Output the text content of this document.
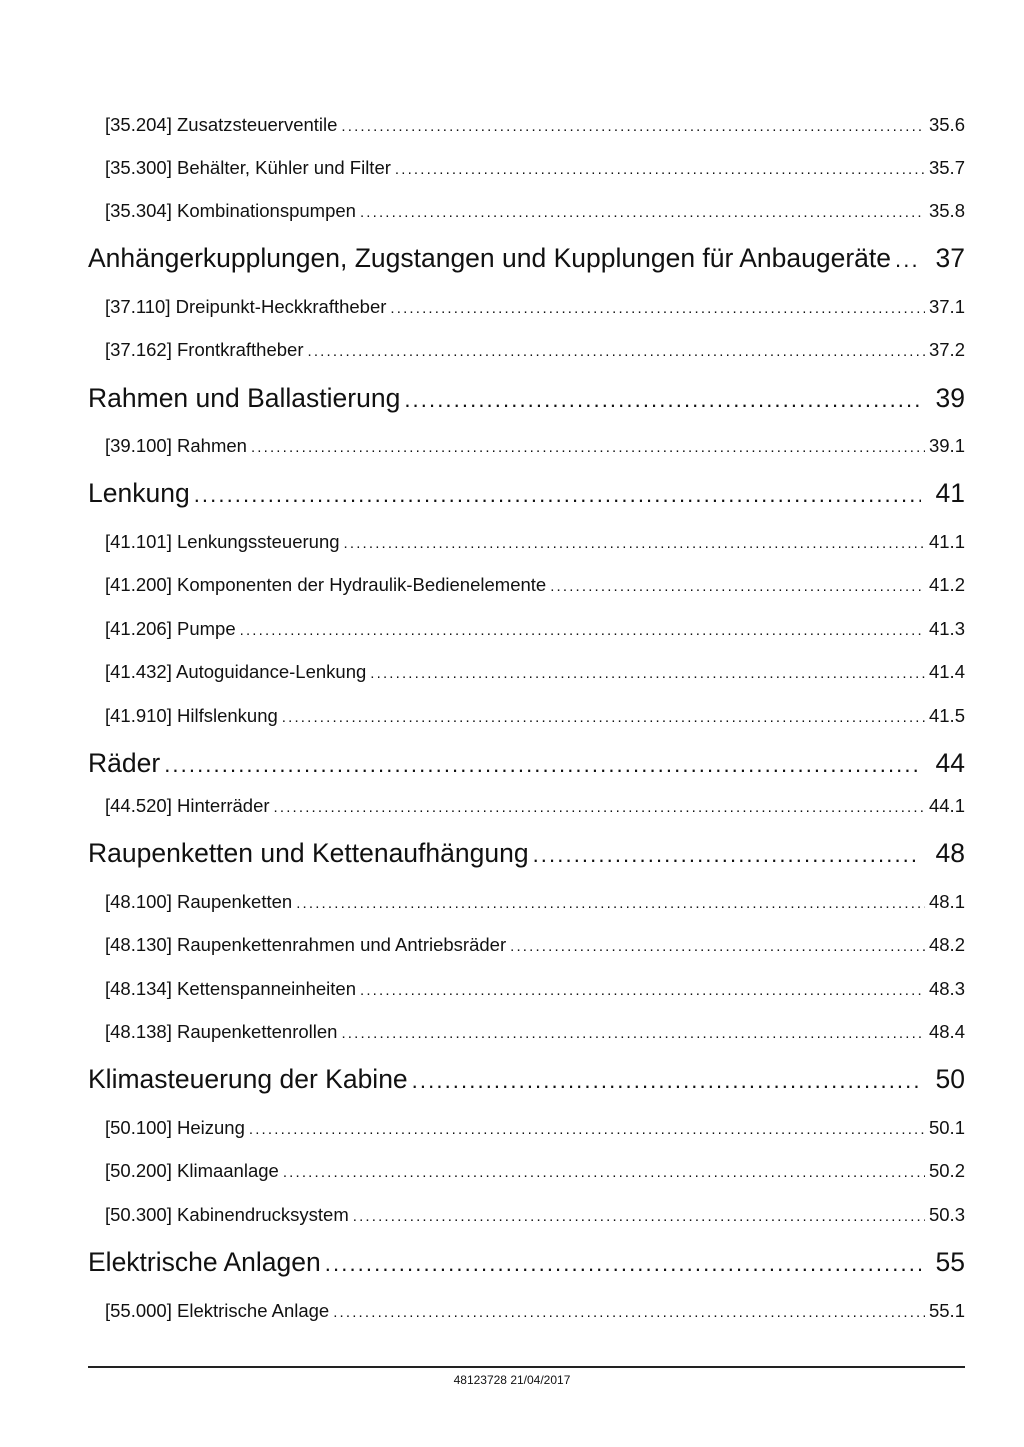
[35.204] Zusatzsteuerventile . . .	35.6
[35.300] Behälter, Kühler und Filter . . .	35.7
[35.304] Kombinationspumpen . . .	35.8
Anhängerkupplungen, Zugstangen und Kupplungen für Anbaugeräte . . .	37
[37.110] Dreipunkt-Heckkraftheber . . .	37.1
[37.162] Frontkraftheber . . .	37.2
Rahmen und Ballastierung . . .	39
[39.100] Rahmen . . .	39.1
Lenkung . . .	41
[41.101] Lenkungssteuerung . . .	41.1
[41.200] Komponenten der Hydraulik-Bedienelemente . . .	41.2
[41.206] Pumpe . . .	41.3
[41.432] Autoguidance-Lenkung . . .	41.4
[41.910] Hilfslenkung . . .	41.5
Räder . . .	44
[44.520] Hinterräder . . .	44.1
Raupenketten und Kettenaufhängung . . .	48
[48.100] Raupenketten . . .	48.1
[48.130] Raupenkettenrahmen und Antriebsräder . . .	48.2
[48.134] Kettenspanneinheiten . . .	48.3
[48.138] Raupenkettenrollen . . .	48.4
Klimasteuerung der Kabine . . .	50
[50.100] Heizung . . .	50.1
[50.200] Klimaanlage . . .	50.2
[50.300] Kabinendrucksystem . . .	50.3
Elektrische Anlagen . . .	55
[55.000] Elektrische Anlage . . .	55.1
48123728 21/04/2017
